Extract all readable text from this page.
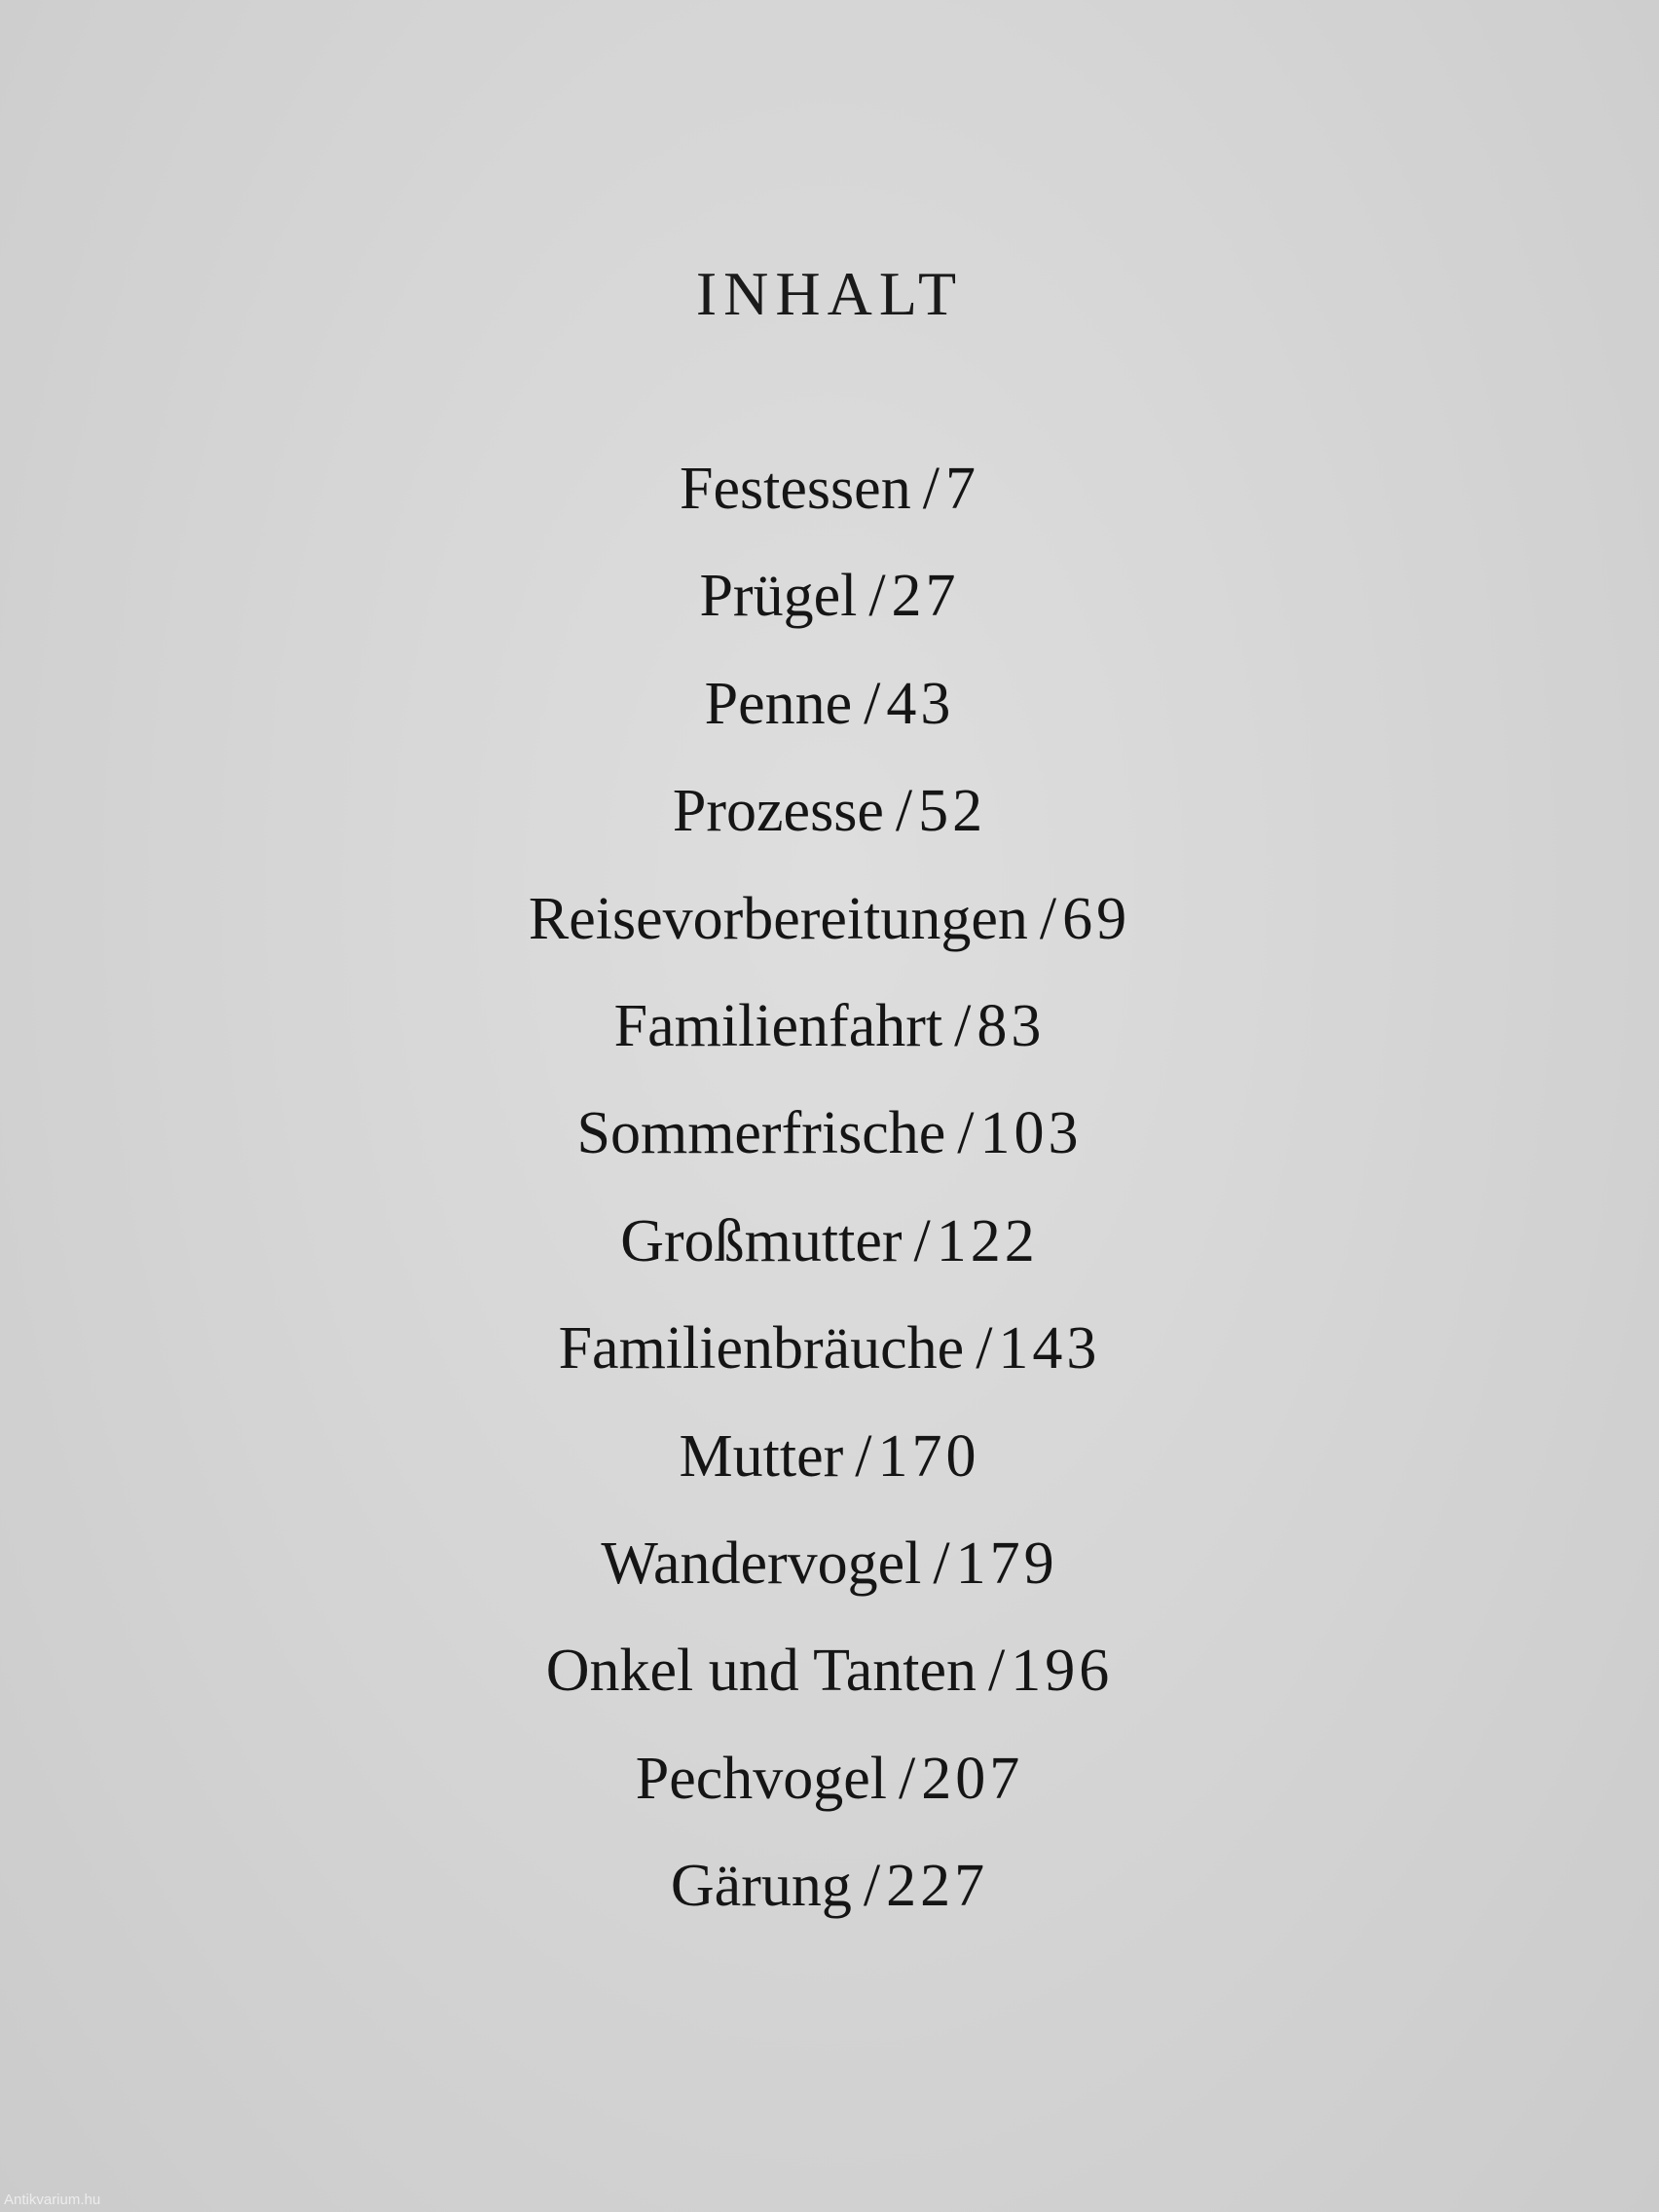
INHALT
Festessen /7
Prügel /27
Penne /43
Prozesse /52
Reisevorbereitungen /69
Familienfahrt /83
Sommerfrische /103
Großmutter /122
Familienbräuche /143
Mutter /170
Wandervogel /179
Onkel und Tanten /196
Pechvogel /207
Gärung /227
Antikvarium.hu
